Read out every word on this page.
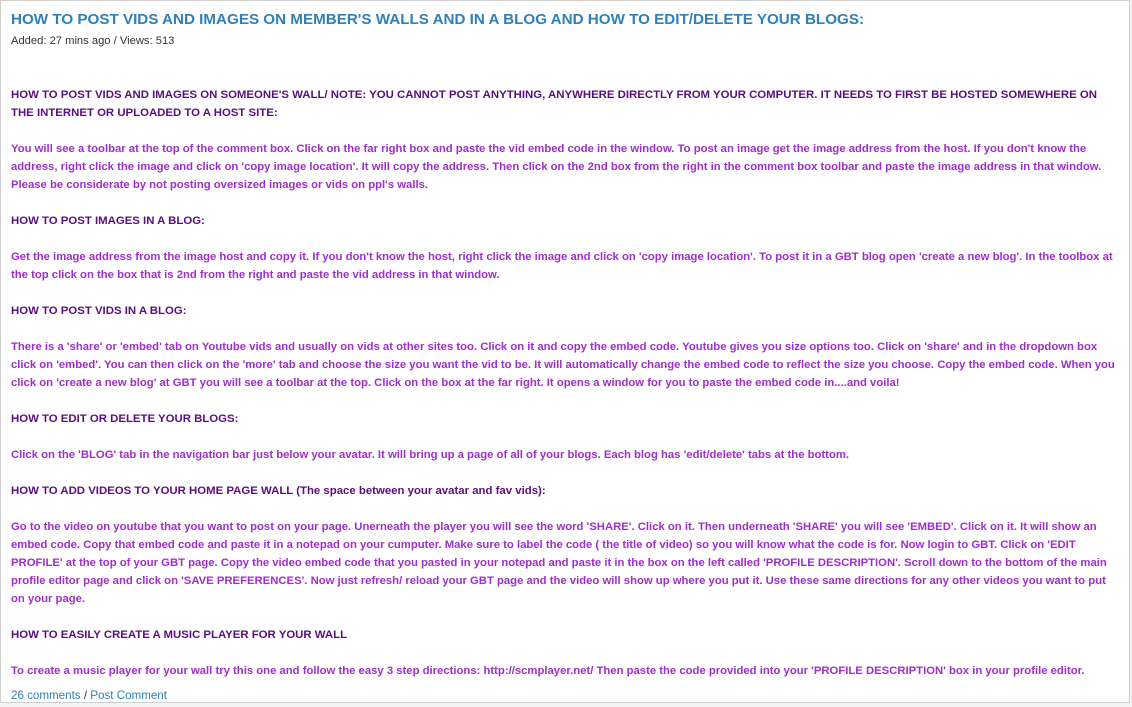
HOW TO POST VIDS AND IMAGES ON MEMBER'S WALLS AND IN A BLOG AND HOW TO EDIT/DELETE YOUR BLOGS:
Added: 27 mins ago / Views: 513

HOW TO POST VIDS AND IMAGES ON SOMEONE'S WALL/ NOTE: YOU CANNOT POST ANYTHING, ANYWHERE DIRECTLY FROM YOUR COMPUTER. IT NEEDS TO FIRST BE HOSTED SOMEWHERE ON THE INTERNET OR UPLOADED TO A HOST SITE:

You will see a toolbar at the top of the comment box. Click on the far right box and paste the vid embed code in the window. To post an image get the image address from the host. If you don't know the address, right click the image and click on 'copy image location'. It will copy the address. Then click on the 2nd box from the right in the comment box toolbar and paste the image address in that window. Please be considerate by not posting oversized images or vids on ppl's walls.

HOW TO POST IMAGES IN A BLOG:

Get the image address from the image host and copy it. If you don't know the host, right click the image and click on 'copy image location'. To post it in a GBT blog open 'create a new blog'. In the toolbox at the top click on the box that is 2nd from the right and paste the vid address in that window.

HOW TO POST VIDS IN A BLOG:

There is a 'share' or 'embed' tab on Youtube vids and usually on vids at other sites too. Click on it and copy the embed code. Youtube gives you size options too. Click on 'share' and in the dropdown box click on 'embed'. You can then click on the 'more' tab and choose the size you want the vid to be. It will automatically change the embed code to reflect the size you choose. Copy the embed code. When you click on 'create a new blog' at GBT you will see a toolbar at the top. Click on the box at the far right. It opens a window for you to paste the embed code in....and voila!

HOW TO EDIT OR DELETE YOUR BLOGS:

Click on the 'BLOG' tab in the navigation bar just below your avatar. It will bring up a page of all of your blogs. Each blog has 'edit/delete' tabs at the bottom.

HOW TO ADD VIDEOS TO YOUR HOME PAGE WALL (The space between your avatar and fav vids):

Go to the video on youtube that you want to post on your page. Unerneath the player you will see the word 'SHARE'. Click on it. Then underneath 'SHARE' you will see 'EMBED'. Click on it. It will show an embed code. Copy that embed code and paste it in a notepad on your cumputer. Make sure to label the code ( the title of video) so you will know what the code is for. Now login to GBT. Click on 'EDIT PROFILE' at the top of your GBT page. Copy the video embed code that you pasted in your notepad and paste it in the box on the left called 'PROFILE DESCRIPTION'. Scroll down to the bottom of the main profile editor page and click on 'SAVE PREFERENCES'. Now just refresh/ reload your GBT page and the video will show up where you put it. Use these same directions for any other videos you want to put on your page.

HOW TO EASILY CREATE A MUSIC PLAYER FOR YOUR WALL

To create a music player for your wall try this one and follow the easy 3 step directions: http://scmplayer.net/ Then paste the code provided into your 'PROFILE DESCRIPTION' box in your profile editor.

26 comments / Post Comment
